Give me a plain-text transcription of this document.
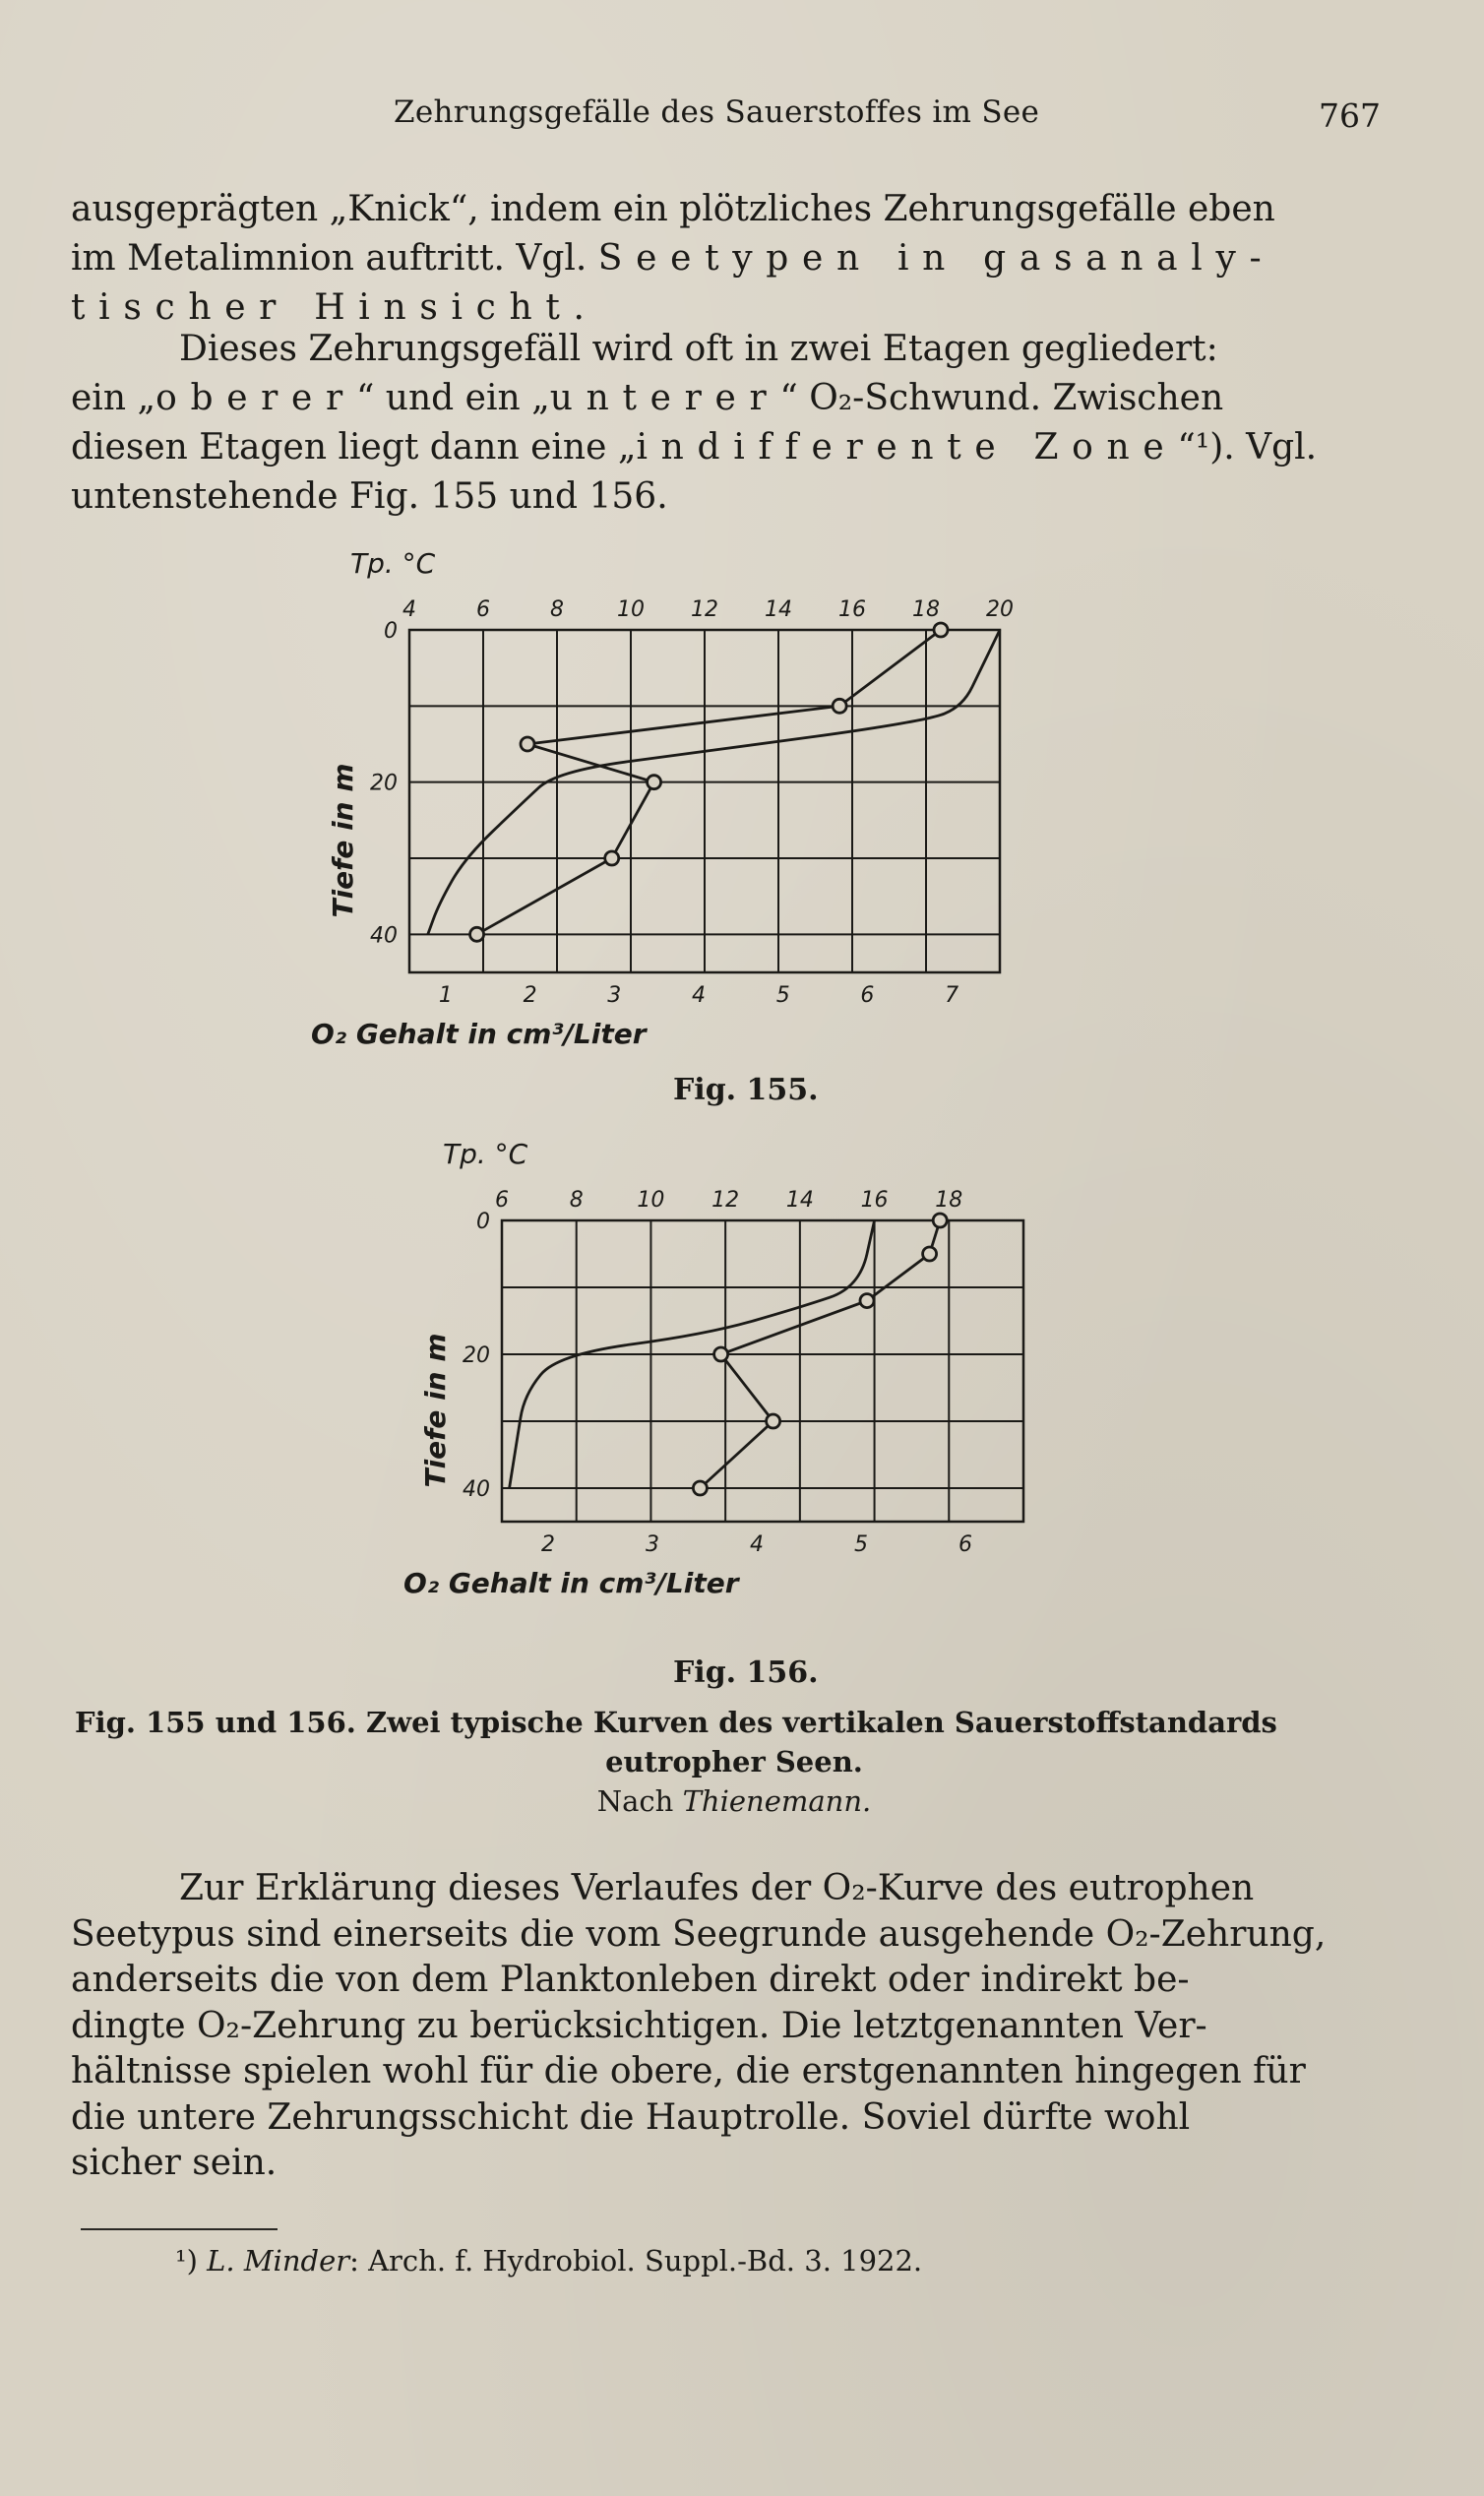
Zehrungsgefälle des Sauerstoffes im See	767
ausgeprägten „Knick“, indem ein plötzliches Zehrungsgefälle eben
im Metalimnion auftritt. Vgl. Seetypen in gasanaly-
tischer Hinsicht.
Dieses Zehrungsgefäll wird oft in zwei Etagen gegliedert:
ein „oberer“ und ein „unterer“ O₂-Schwund. Zwischen
diesen Etagen liegt dann eine „indifferente Zone“¹). Vgl.
untenstehende Fig. 155 und 156.
4	6	8 10 12 14 16 18 20
1	2	3	4	5	6	7
0
20
40
Tp. °C
Tiefe in m
O₂ Gehalt in cm³/Liter
Fig. 155.
6	8 10 12 14 16 18
2	3	4	5	6
0
20
40
Tp. °C
Tiefe in m
O₂ Gehalt in cm³/Liter
Fig. 156.
Fig. 155 und 156. Zwei typische Kurven des vertikalen Sauerstoffstandards
eutropher Seen.
Nach Thienemann.
Zur Erklärung dieses Verlaufes der O₂-Kurve des eutrophen
Seetypus sind einerseits die vom Seegrunde ausgehende O₂-Zehrung,
anderseits die von dem Planktonleben direkt oder indirekt be-
dingte O₂-Zehrung zu berücksichtigen. Die letztgenannten Ver-
hältnisse spielen wohl für die obere, die erstgenannten hingegen für
die untere Zehrungsschicht die Hauptrolle. Soviel dürfte wohl
sicher sein.
¹) L. Minder: Arch. f. Hydrobiol. Suppl.-Bd. 3. 1922.
